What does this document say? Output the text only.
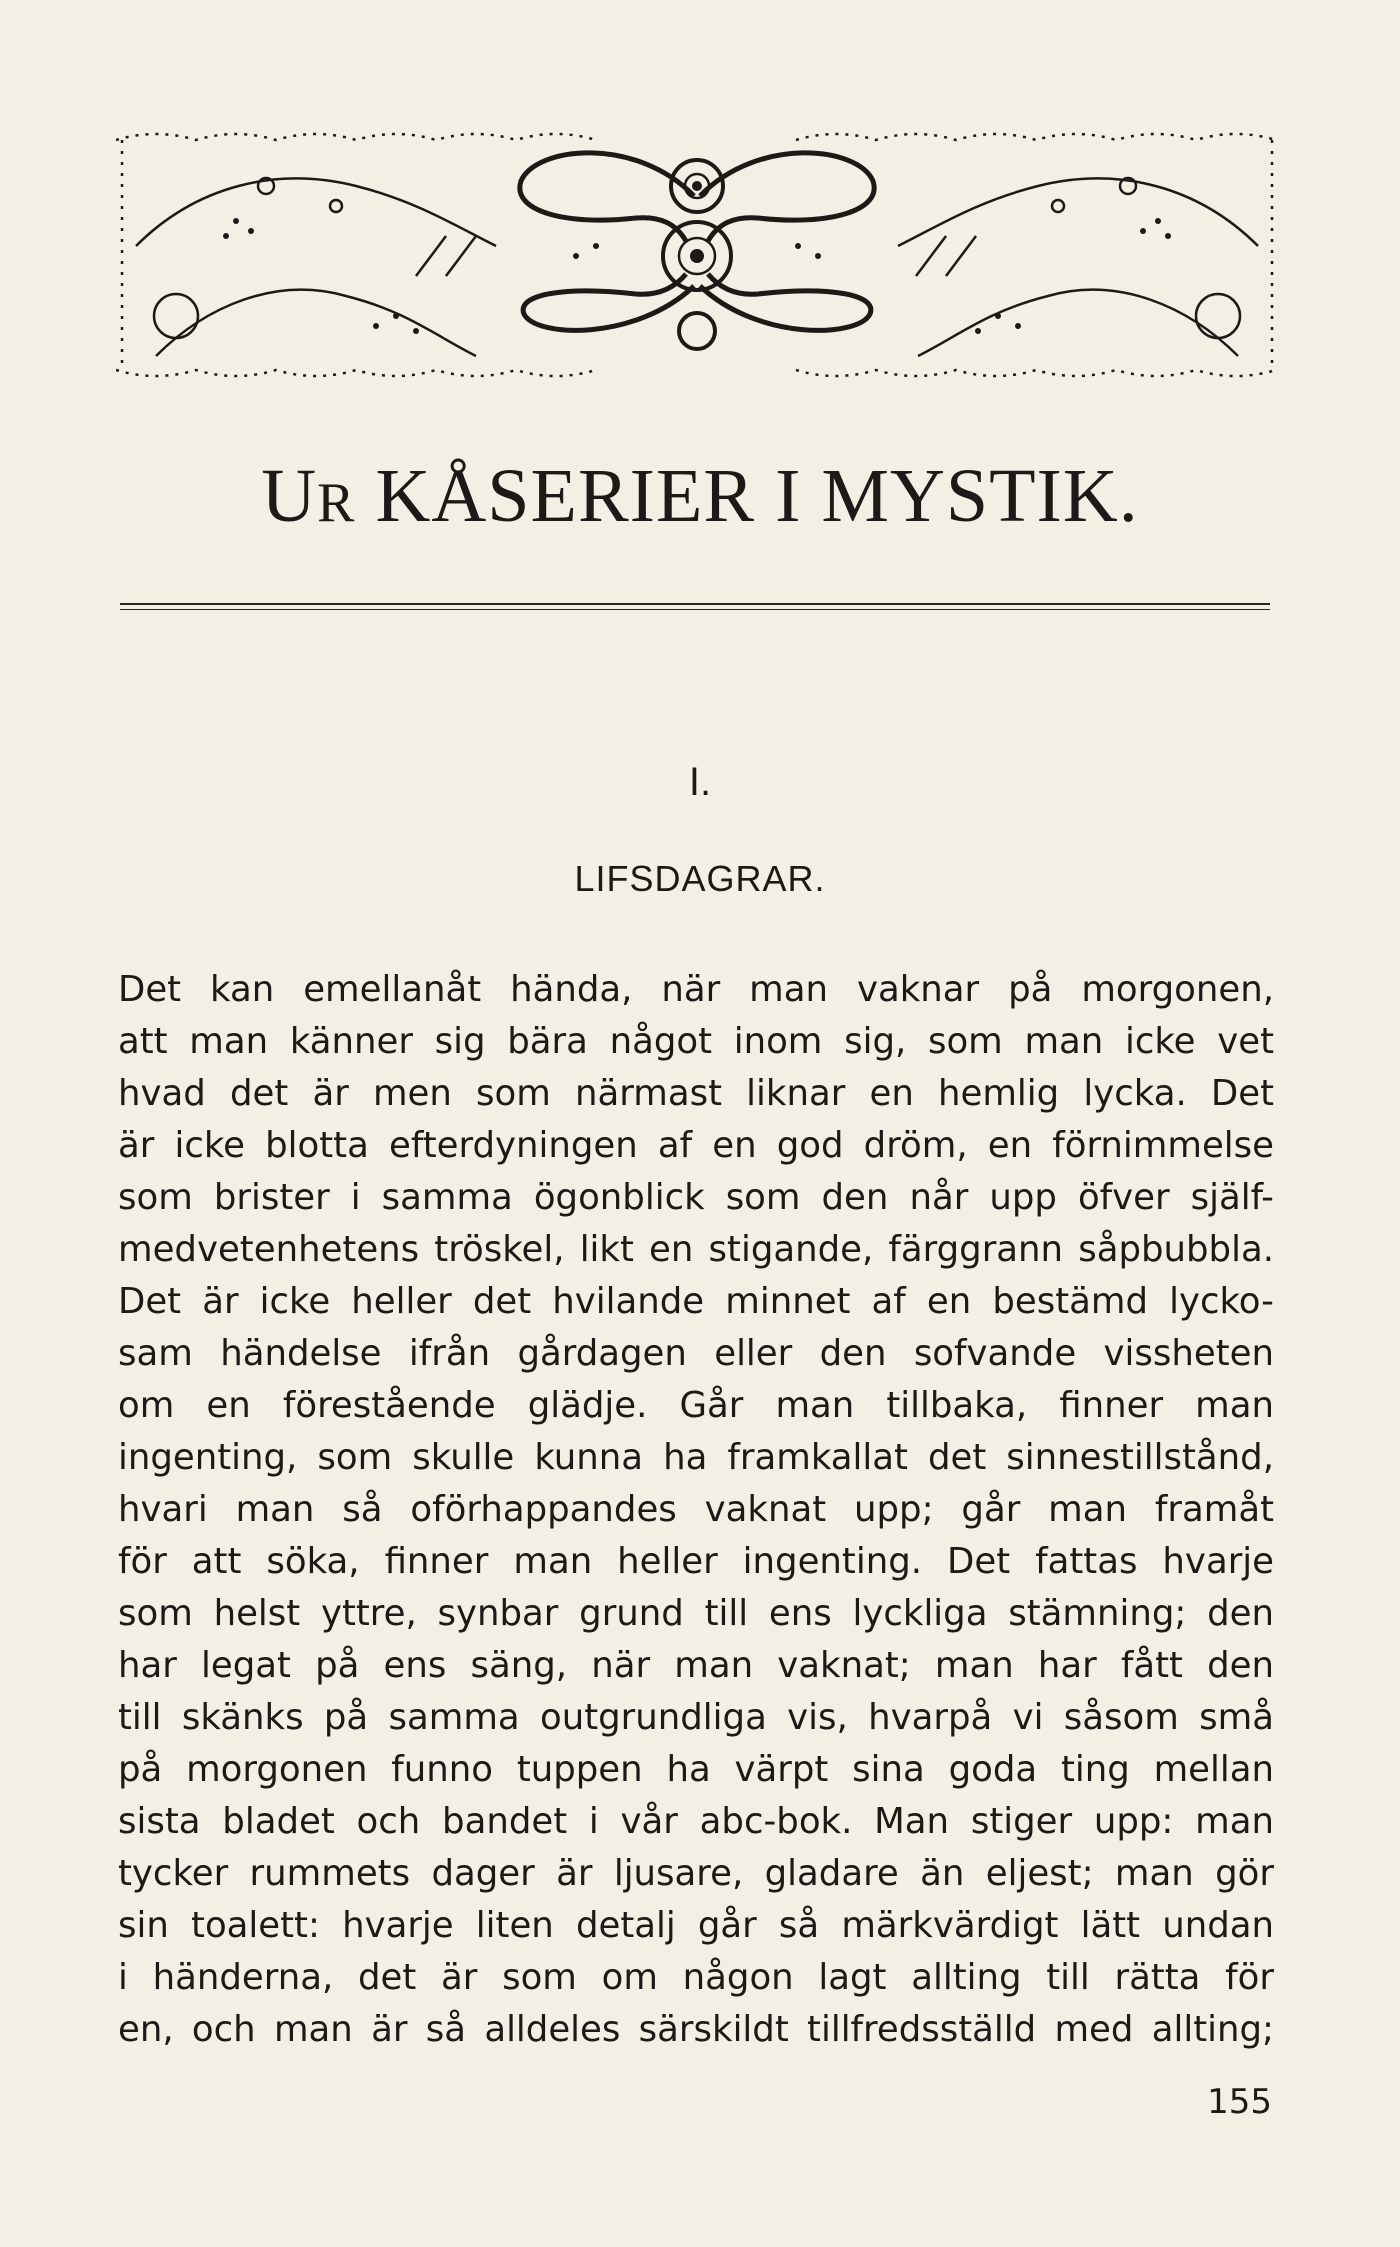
UR KÅSERIER I MYSTIK.
I.
LIFSDAGRAR.
Det kan emellanåt hända, när man vaknar på morgonen,
att man känner sig bära något inom sig, som man icke vet
hvad det är men som närmast liknar en hemlig lycka. Det
är icke blotta efterdyningen af en god dröm, en förnimmelse
som brister i samma ögonblick som den når upp öfver själf-
medvetenhetens tröskel, likt en stigande, färggrann såpbubbla.
Det är icke heller det hvilande minnet af en bestämd lycko-
sam händelse ifrån gårdagen eller den sofvande vissheten
om en förestående glädje. Går man tillbaka, finner man
ingenting, som skulle kunna ha framkallat det sinnestillstånd,
hvari man så oförhappandes vaknat upp; går man framåt
för att söka, finner man heller ingenting. Det fattas hvarje
som helst yttre, synbar grund till ens lyckliga stämning; den
har legat på ens säng, när man vaknat; man har fått den
till skänks på samma outgrundliga vis, hvarpå vi såsom små
på morgonen funno tuppen ha värpt sina goda ting mellan
sista bladet och bandet i vår abc-bok. Man stiger upp: man
tycker rummets dager är ljusare, gladare än eljest; man gör
sin toalett: hvarje liten detalj går så märkvärdigt lätt undan
i händerna, det är som om någon lagt allting till rätta för
en, och man är så alldeles särskildt tillfredsställd med allting;
155
